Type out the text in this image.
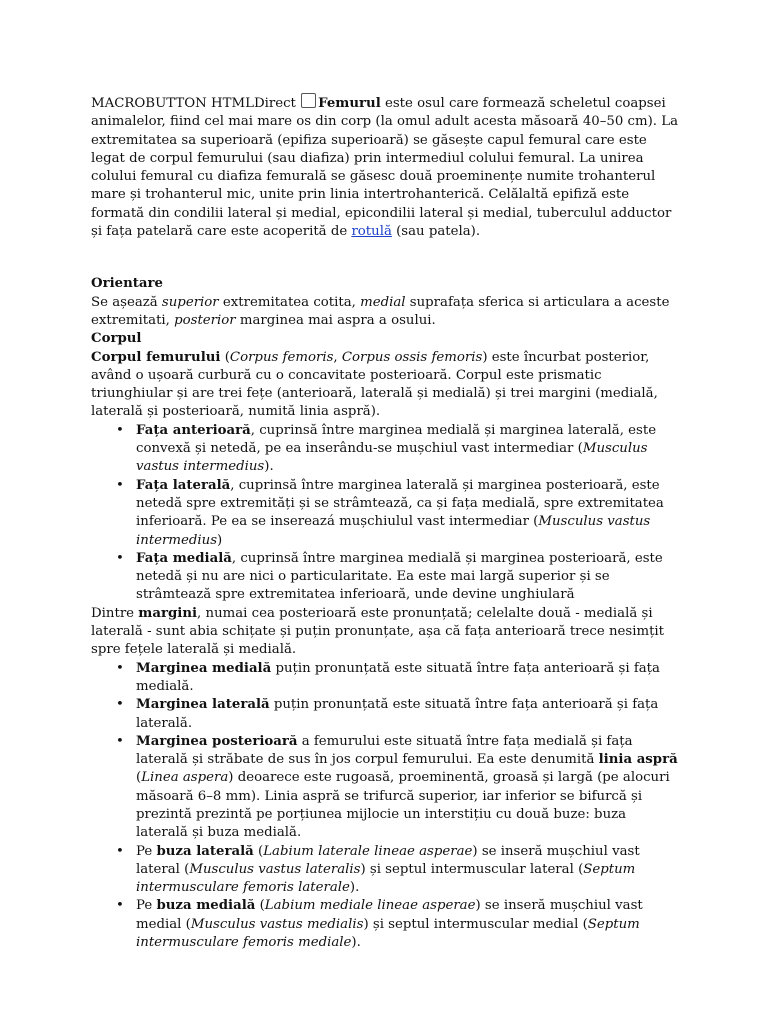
MACROBUTTON HTMLDirect Femurul este osul care formează scheletul coapsei animalelor, fiind cel mai mare os din corp (la omul adult acesta măsoară 40–50 cm). La extremitatea sa superioară (epifiza superioară) se găsește capul femural care este legat de corpul femurului (sau diafiza) prin intermediul colului femural. La unirea colului femural cu diafiza femurală se găsesc două proeminențe numite trohanterul mare și trohanterul mic, unite prin linia intertrohanterică. Celălaltă epifiză este formată din condilii lateral și medial, epicondilii lateral și medial, tuberculul adductor și fața patelară care este acoperită de rotulă (sau patela).

Orientare

Se așează superior extremitatea cotita, medial suprafața sferica si articulara a aceste extremitati, posterior marginea mai aspra a osului.

Corpul

Corpul femurului (Corpus femoris, Corpus ossis femoris) este încurbat posterior, având o ușoară curbură cu o concavitate posterioară. Corpul este prismatic triunghiular și are trei fețe (anterioară, laterală și medială) și trei margini (medială, laterală și posterioară, numită linia aspră).

• Fața anterioară, cuprinsă între marginea medială și marginea laterală, este convexă și netedă, pe ea inserându-se mușchiul vast intermediar (Musculus vastus intermedius).
• Fața laterală, cuprinsă între marginea laterală și marginea posterioară, este netedă spre extremități și se strâmtează, ca și fața medială, spre extremitatea inferioară. Pe ea se insereazá mușchiulul vast intermediar (Musculus vastus intermedius)
• Fața medială, cuprinsă între marginea medială și marginea posterioară, este netedă și nu are nici o particularitate. Ea este mai largă superior și se strâmtează spre extremitatea inferioară, unde devine unghiulară

Dintre margini, numai cea posterioară este pronunțată; celelalte două - medială și laterală - sunt abia schițate și puțin pronunțate, așa că fața anterioară trece nesimțit spre fețele laterală și medială.

• Marginea medială puțin pronunțată este situată între fața anterioară și fața medială.
• Marginea laterală puțin pronunțată este situată între fața anterioară și fața laterală.
• Marginea posterioară a femurului este situată între fața medială și fața laterală și străbate de sus în jos corpul femurului. Ea este denumită linia aspră (Linea aspera) deoarece este rugoasă, proeminentă, groasă și largă (pe alocuri măsoară 6–8 mm). Linia aspră se trifurcă superior, iar inferior se bifurcă și prezintă prezintă pe porțiunea mijlocie un interstițiu cu două buze: buza laterală și buza medială.
• Pe buza laterală (Labium laterale lineae asperae) se inseră mușchiul vast lateral (Musculus vastus lateralis) și septul intermuscular lateral (Septum intermusculare femoris laterale).
• Pe buza medială (Labium mediale lineae asperae) se inseră mușchiul vast medial (Musculus vastus medialis) și septul intermuscular medial (Septum intermusculare femoris mediale).
